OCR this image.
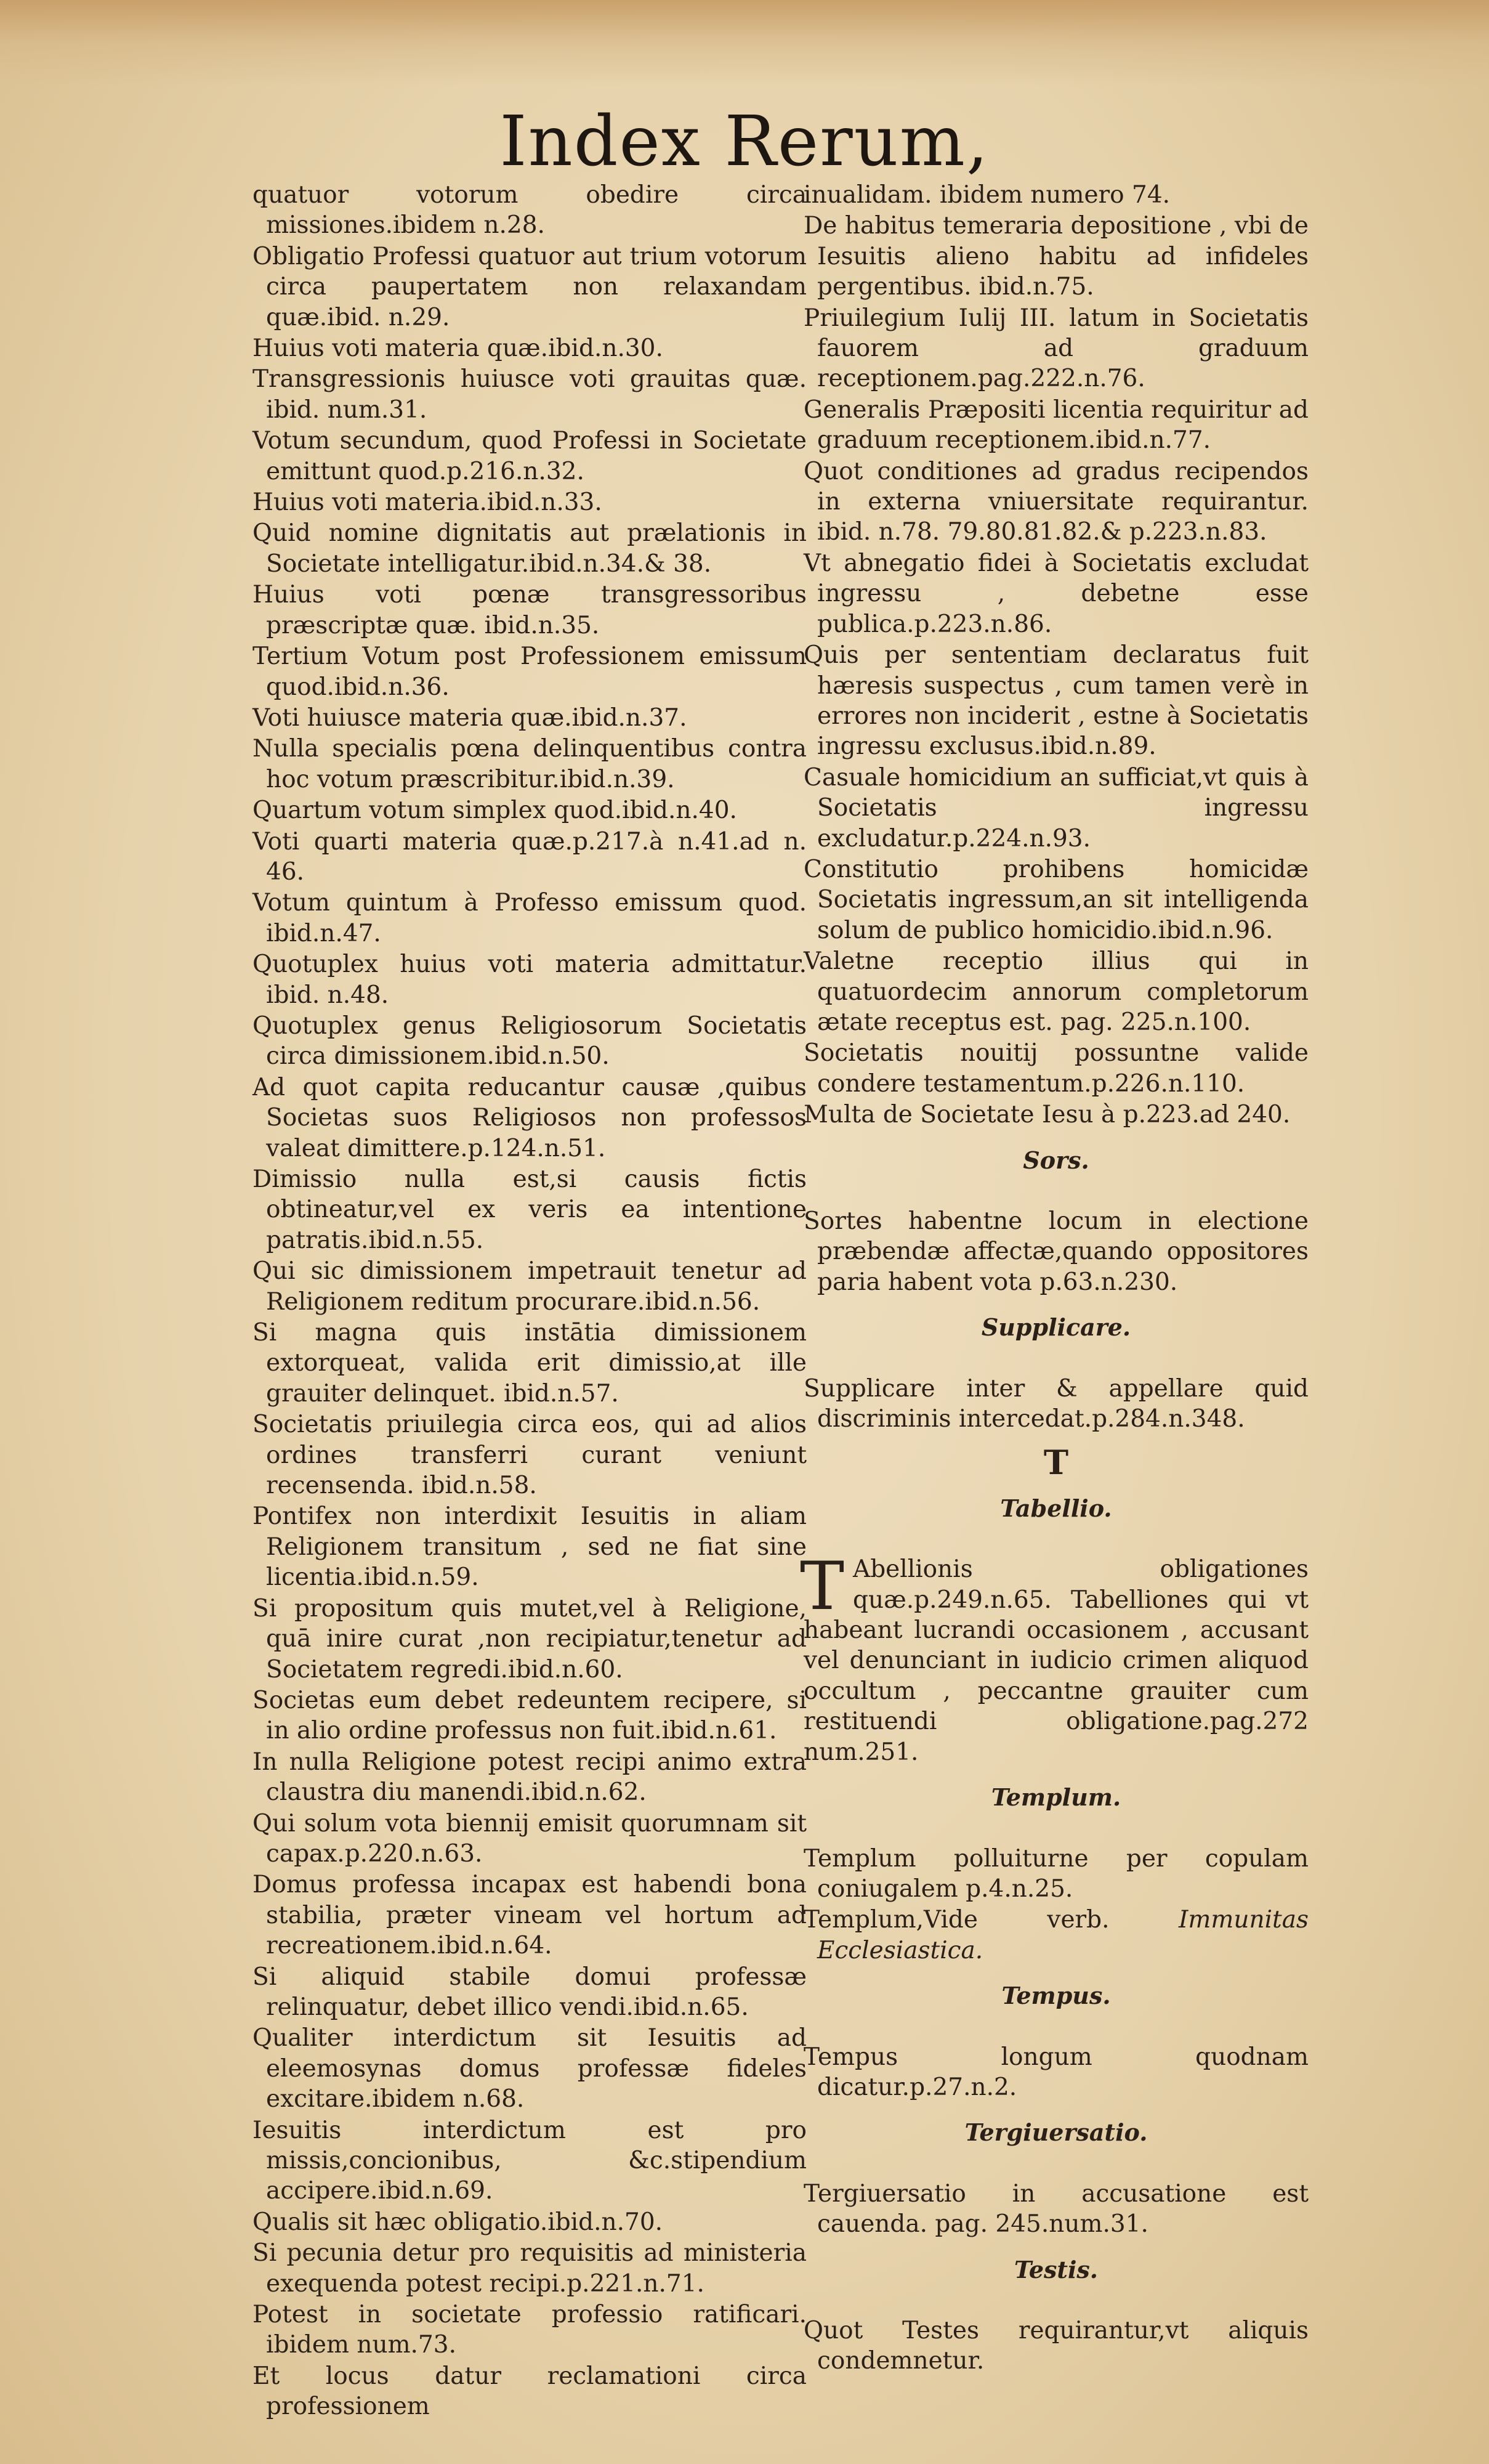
Index Rerum,

quatuor votorum obedire circa missiones.ibidem n.28.

Obligatio Professi quatuor aut trium votorum circa paupertatem non relaxandam quæ.ibid. n.29.

Huius voti materia quæ.ibid.n.30.

Transgressionis huiusce voti grauitas quæ. ibid. num.31.

Votum secundum, quod Professi in Societate emittunt quod.p.216.n.32.

Huius voti materia.ibid.n.33.

Quid nomine dignitatis aut prælationis in Societate intelligatur.ibid.n.34.& 38.

Huius voti pœnæ transgressoribus præscriptæ quæ. ibid.n.35.

Tertium Votum post Professionem emissum quod.ibid.n.36.

Voti huiusce materia quæ.ibid.n.37.

Nulla specialis pœna delinquentibus contra hoc votum præscribitur.ibid.n.39.

Quartum votum simplex quod.ibid.n.40.

Voti quarti materia quæ.p.217.à n.41.ad n. 46.

Votum quintum à Professo emissum quod. ibid.n.47.

Quotuplex huius voti materia admittatur. ibid. n.48.

Quotuplex genus Religiosorum Societatis circa dimissionem.ibid.n.50.

Ad quot capita reducantur causæ ,quibus Societas suos Religiosos non professos valeat dimittere.p.124.n.51.

Dimissio nulla est,si causis fictis obtineatur,vel ex veris ea intentione patratis.ibid.n.55.

Qui sic dimissionem impetrauit tenetur ad Religionem reditum procurare.ibid.n.56.

Si magna quis instātia dimissionem extorqueat, valida erit dimissio,at ille grauiter delinquet. ibid.n.57.

Societatis priuilegia circa eos, qui ad alios ordines transferri curant veniunt recensenda. ibid.n.58.

Pontifex non interdixit Iesuitis in aliam Religionem transitum , sed ne fiat sine licentia.ibid.n.59.

Si propositum quis mutet,vel à Religione, quā inire curat ,non recipiatur,tenetur ad Societatem regredi.ibid.n.60.

Societas eum debet redeuntem recipere, si in alio ordine professus non fuit.ibid.n.61.

In nulla Religione potest recipi animo extra claustra diu manendi.ibid.n.62.

Qui solum vota biennij emisit quorumnam sit capax.p.220.n.63.

Domus professa incapax est habendi bona stabilia, præter vineam vel hortum ad recreationem.ibid.n.64.

Si aliquid stabile domui professæ relinquatur, debet illico vendi.ibid.n.65.

Qualiter interdictum sit Iesuitis ad eleemosynas domus professæ fideles excitare.ibidem n.68.

Iesuitis interdictum est pro missis,concionibus, &c.stipendium accipere.ibid.n.69.

Qualis sit hæc obligatio.ibid.n.70.

Si pecunia detur pro requisitis ad ministeria exequenda potest recipi.p.221.n.71.

Potest in societate professio ratificari. ibidem num.73.

Et locus datur reclamationi circa professionem

inualidam. ibidem numero 74.

De habitus temeraria depositione , vbi de Iesuitis alieno habitu ad infideles pergentibus. ibid.n.75.

Priuilegium Iulij III. latum in Societatis fauorem ad graduum receptionem.pag.222.n.76.

Generalis Præpositi licentia requiritur ad graduum receptionem.ibid.n.77.

Quot conditiones ad gradus recipendos in externa vniuersitate requirantur. ibid. n.78. 79.80.81.82.& p.223.n.83.

Vt abnegatio fidei à Societatis excludat ingressu , debetne esse publica.p.223.n.86.

Quis per sententiam declaratus fuit hæresis suspectus , cum tamen verè in errores non inciderit , estne à Societatis ingressu exclusus.ibid.n.89.

Casuale homicidium an sufficiat,vt quis à Societatis ingressu excludatur.p.224.n.93.

Constitutio prohibens homicidæ Societatis ingressum,an sit intelligenda solum de publico homicidio.ibid.n.96.

Valetne receptio illius qui in quatuordecim annorum completorum ætate receptus est. pag. 225.n.100.

Societatis nouitij possuntne valide condere testamentum.p.226.n.110.

Multa de Societate Iesu à p.223.ad 240.

Sors.

Sortes habentne locum in electione præbendæ affectæ,quando oppositores paria habent vota p.63.n.230.

Supplicare.

Supplicare inter & appellare quid discriminis intercedat.p.284.n.348.

T
Tabellio.

T Abellionis obligationes quæ.p.249.n.65. Tabelliones qui vt habeant lucrandi occasionem , accusant vel denunciant in iudicio crimen aliquod occultum , peccantne grauiter cum restituendi obligatione.pag.272 num.251.

Templum.

Templum polluiturne per copulam coniugalem p.4.n.25.

Templum,Vide verb.	Immunitas Ecclesiastica.

Tempus.

Tempus longum quodnam dicatur.p.27.n.2.

Tergiuersatio.

Tergiuersatio in accusatione est cauenda. pag. 245.num.31.

Testis.

Quot Testes requirantur,vt aliquis condemnetur.
